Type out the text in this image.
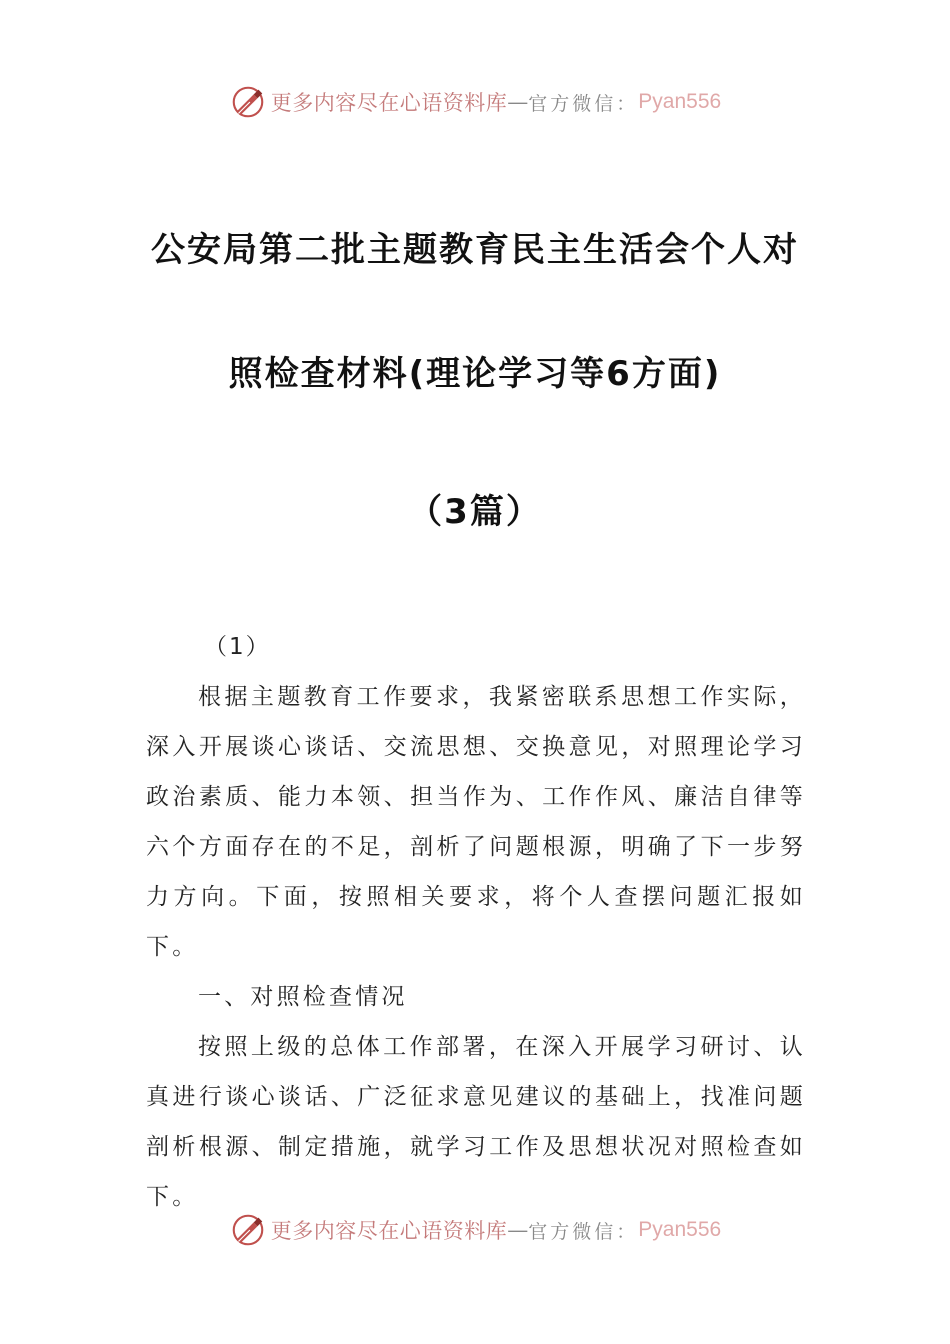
更多内容尽在心语资料库 — 官方微信： Pyan556
公安局第二批主题教育民主生活会个人对
照检查材料(理论学习等6方面)
（3篇）

（1）

根据主题教育工作要求，我紧密联系思想工作实际，深入开展谈心谈话、交流思想、交换意见，对照理论学习政治素质、能力本领、担当作为、工作作风、廉洁自律等六个方面存在的不足，剖析了问题根源，明确了下一步努力方向。下面，按照相关要求，将个人查摆问题汇报如下。

一、对照检查情况

按照上级的总体工作部署，在深入开展学习研讨、认真进行谈心谈话、广泛征求意见建议的基础上，找准问题剖析根源、制定措施，就学习工作及思想状况对照检查如下。

更多内容尽在心语资料库 — 官方微信： Pyan556
